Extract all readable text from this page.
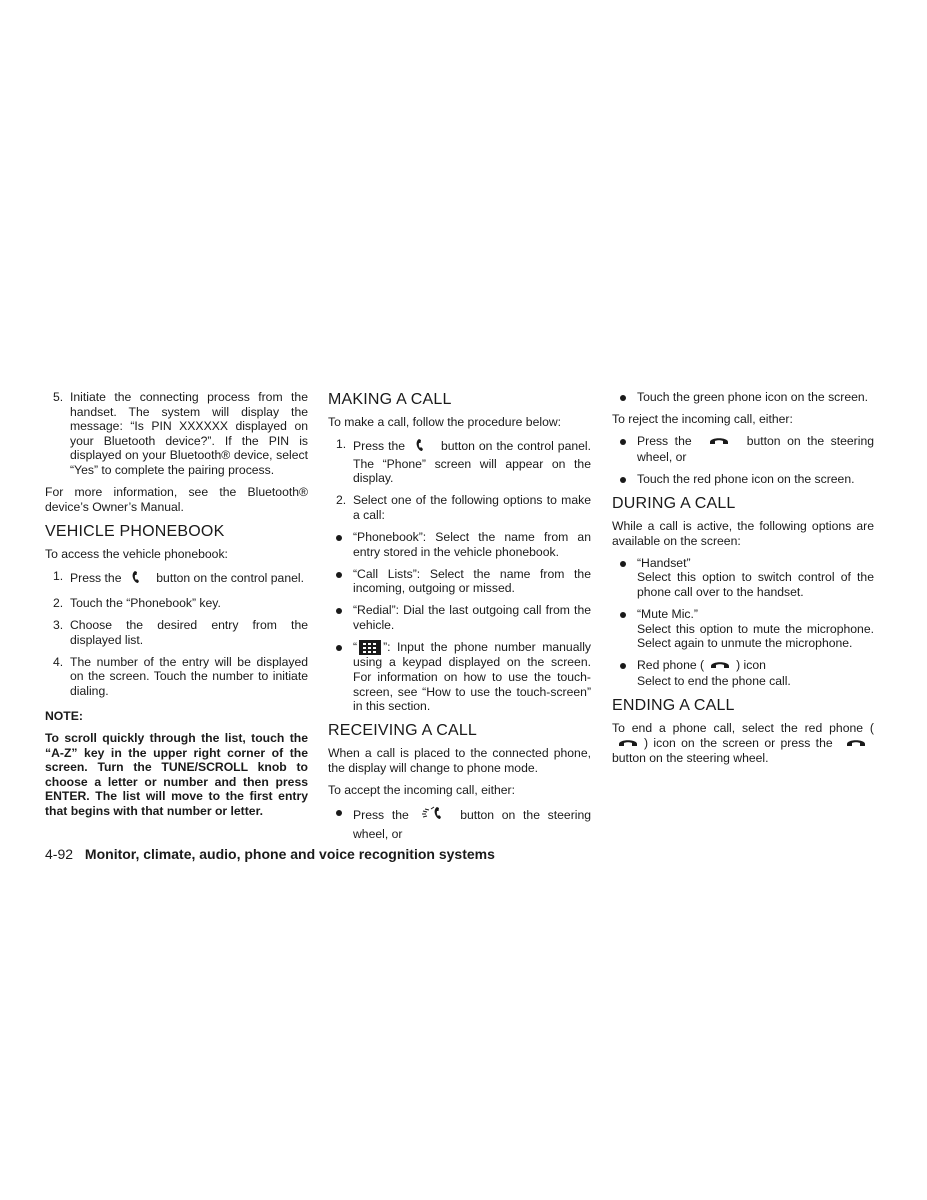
5. Initiate the connecting process from the handset. The system will display the message: “Is PIN XXXXXX displayed on your Bluetooth device?”. If the PIN is displayed on your Bluetooth® device, select “Yes” to complete the pairing process.

For more information, see the Bluetooth® device’s Owner’s Manual.

VEHICLE PHONEBOOK

To access the vehicle phonebook:

1. Press the	button on the control panel.
2. Touch the “Phonebook” key.
3. Choose the desired entry from the displayed list.
4. The number of the entry will be displayed on the screen. Touch the number to initiate dialing.
NOTE:
To scroll quickly through the list, touch the “A-Z” key in the upper right corner of the screen. Turn the TUNE/SCROLL knob to choose a letter or number and then press ENTER. The list will move to the first entry that begins with that number or letter.
MAKING A CALL

To make a call, follow the procedure below:

1. Press the	button on the control panel. The “Phone” screen will appear on the display.
2. Select one of the following options to make a call:
“Phonebook”: Select the name from an entry stored in the vehicle phonebook.
“Call Lists”: Select the name from the incoming, outgoing or missed.
“Redial”: Dial the last outgoing call from the vehicle.
“ ”: Input the phone number manually using a keypad displayed on the screen. For information on how to use the touch-screen, see “How to use the touch-screen” in this section.
RECEIVING A CALL

When a call is placed to the connected phone, the display will change to phone mode.

To accept the incoming call, either:

Press the	button on the steering wheel, or
Touch the green phone icon on the screen.

To reject the incoming call, either:

Press the	button on the steering wheel, or
Touch the red phone icon on the screen.
DURING A CALL

While a call is active, the following options are available on the screen:

“Handset”
Select this option to switch control of the phone call over to the handset.
“Mute Mic.”
Select this option to mute the microphone. Select again to unmute the microphone.
Red phone (	) icon
Select to end the phone call.
ENDING A CALL

To end a phone call, select the red phone () icon on the screen or press the  button on the steering wheel.

4-92 Monitor, climate, audio, phone and voice recognition systems
